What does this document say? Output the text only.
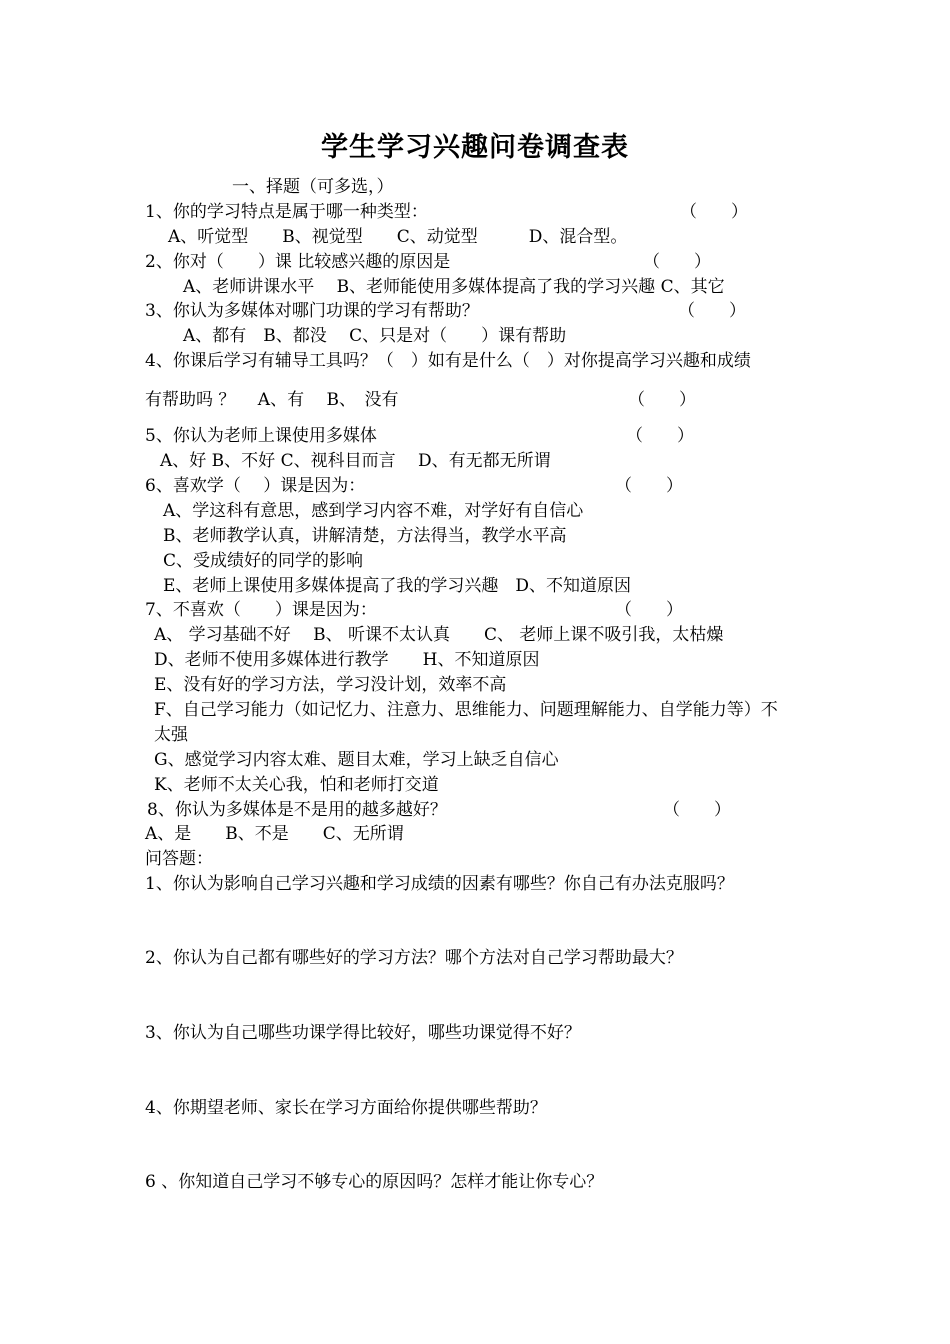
学生学习兴趣问卷调查表
一、择题（可多选，）
1、你的学习特点是属于哪一种类型：	（　　）
A、听觉型　　B、视觉型　　C、动觉型　　　D、混合型。
2、你对（　　）课 比较感兴趣的原因是	（　　）
A、老师讲课水平　 B、老师能使用多媒体提高了我的学习兴趣 C、其它
3、你认为多媒体对哪门功课的学习有帮助？	（　　）
A、都有　B、都没　 C、只是对（　　）课有帮助
4、你课后学习有辅导工具吗？（　）如有是什么（　）对你提高学习兴趣和成绩
有帮助吗 ？　 A、有　 B、　没有	（　　）
5、你认为老师上课使用多媒体	（　　）
A、好 B、不好 C、视科目而言　 D、有无都无所谓
6、喜欢学（　 ）课是因为：	（　　）
A、学这科有意思，感到学习内容不难，对学好有自信心
B、老师教学认真，讲解清楚，方法得当，教学水平高
C、受成绩好的同学的影响
E、老师上课使用多媒体提高了我的学习兴趣　D、不知道原因
7、不喜欢（　　）课是因为：	（　　）
A、 学习基础不好　 B、 听课不太认真　　C、 老师上课不吸引我，太枯燥
D、老师不使用多媒体进行教学　　H、不知道原因
E、没有好的学习方法，学习没计划，效率不高
F、自己学习能力（如记忆力、注意力、思维能力、问题理解能力、自学能力等）不
太强
G、感觉学习内容太难、题目太难，学习上缺乏自信心
K、老师不太关心我，怕和老师打交道
8、你认为多媒体是不是用的越多越好？	（　　）
A、是　　B、不是　　C、无所谓
问答题：
1、你认为影响自己学习兴趣和学习成绩的因素有哪些？你自己有办法克服吗？
2、你认为自己都有哪些好的学习方法？哪个方法对自己学习帮助最大？
3、你认为自己哪些功课学得比较好，哪些功课觉得不好？
4、你期望老师、家长在学习方面给你提供哪些帮助？
6 、你知道自己学习不够专心的原因吗？怎样才能让你专心？
